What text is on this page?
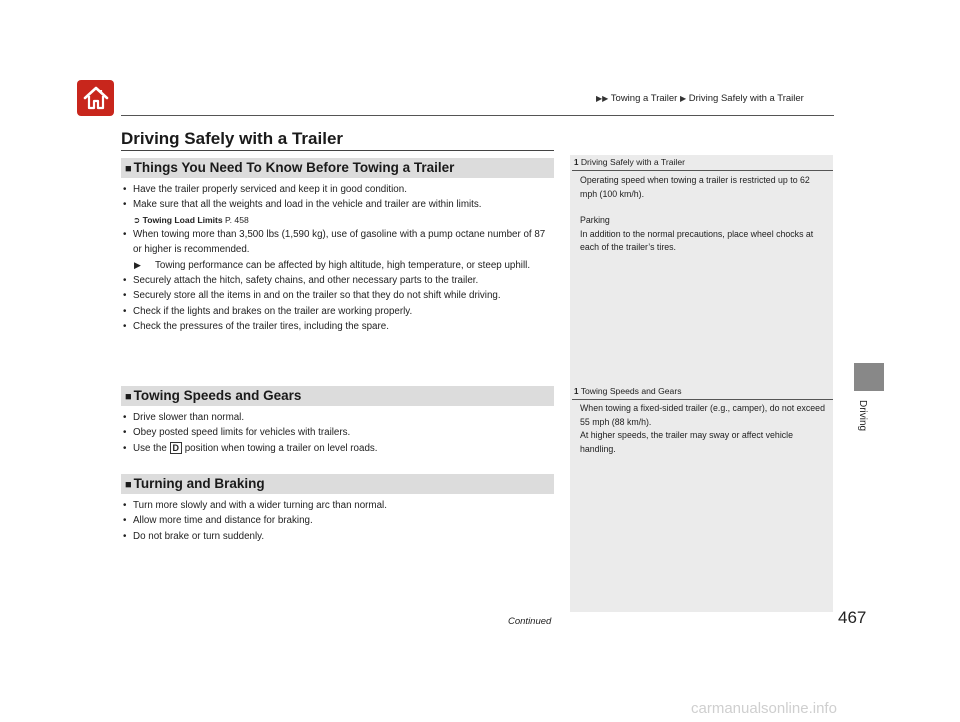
▶▶ Towing a Trailer ▶ Driving Safely with a Trailer
Driving
Driving Safely with a Trailer
■ Things You Need To Know Before Towing a Trailer
• Have the trailer properly serviced and keep it in good condition.
• Make sure that all the weights and load in the vehicle and trailer are within limits.
➲ Towing Load Limits P. 458
• When towing more than 3,500 lbs (1,590 kg), use of gasoline with a pump octane number of 87 or higher is recommended.
▶ Towing performance can be affected by high altitude, high temperature, or steep uphill.
• Securely attach the hitch, safety chains, and other necessary parts to the trailer.
• Securely store all the items in and on the trailer so that they do not shift while driving.
• Check if the lights and brakes on the trailer are working properly.
• Check the pressures of the trailer tires, including the spare.
■ Towing Speeds and Gears
• Drive slower than normal.
• Obey posted speed limits for vehicles with trailers.
• Use the D position when towing a trailer on level roads.
■ Turning and Braking
• Turn more slowly and with a wider turning arc than normal.
• Allow more time and distance for braking.
• Do not brake or turn suddenly.
1 Driving Safely with a Trailer
Operating speed when towing a trailer is restricted up to 62 mph (100 km/h).
Parking
In addition to the normal precautions, place wheel chocks at each of the trailer’s tires.
1 Towing Speeds and Gears
When towing a fixed-sided trailer (e.g., camper), do not exceed 55 mph (88 km/h).
At higher speeds, the trailer may sway or affect vehicle handling.
Continued	467
carmanualsonline.info
